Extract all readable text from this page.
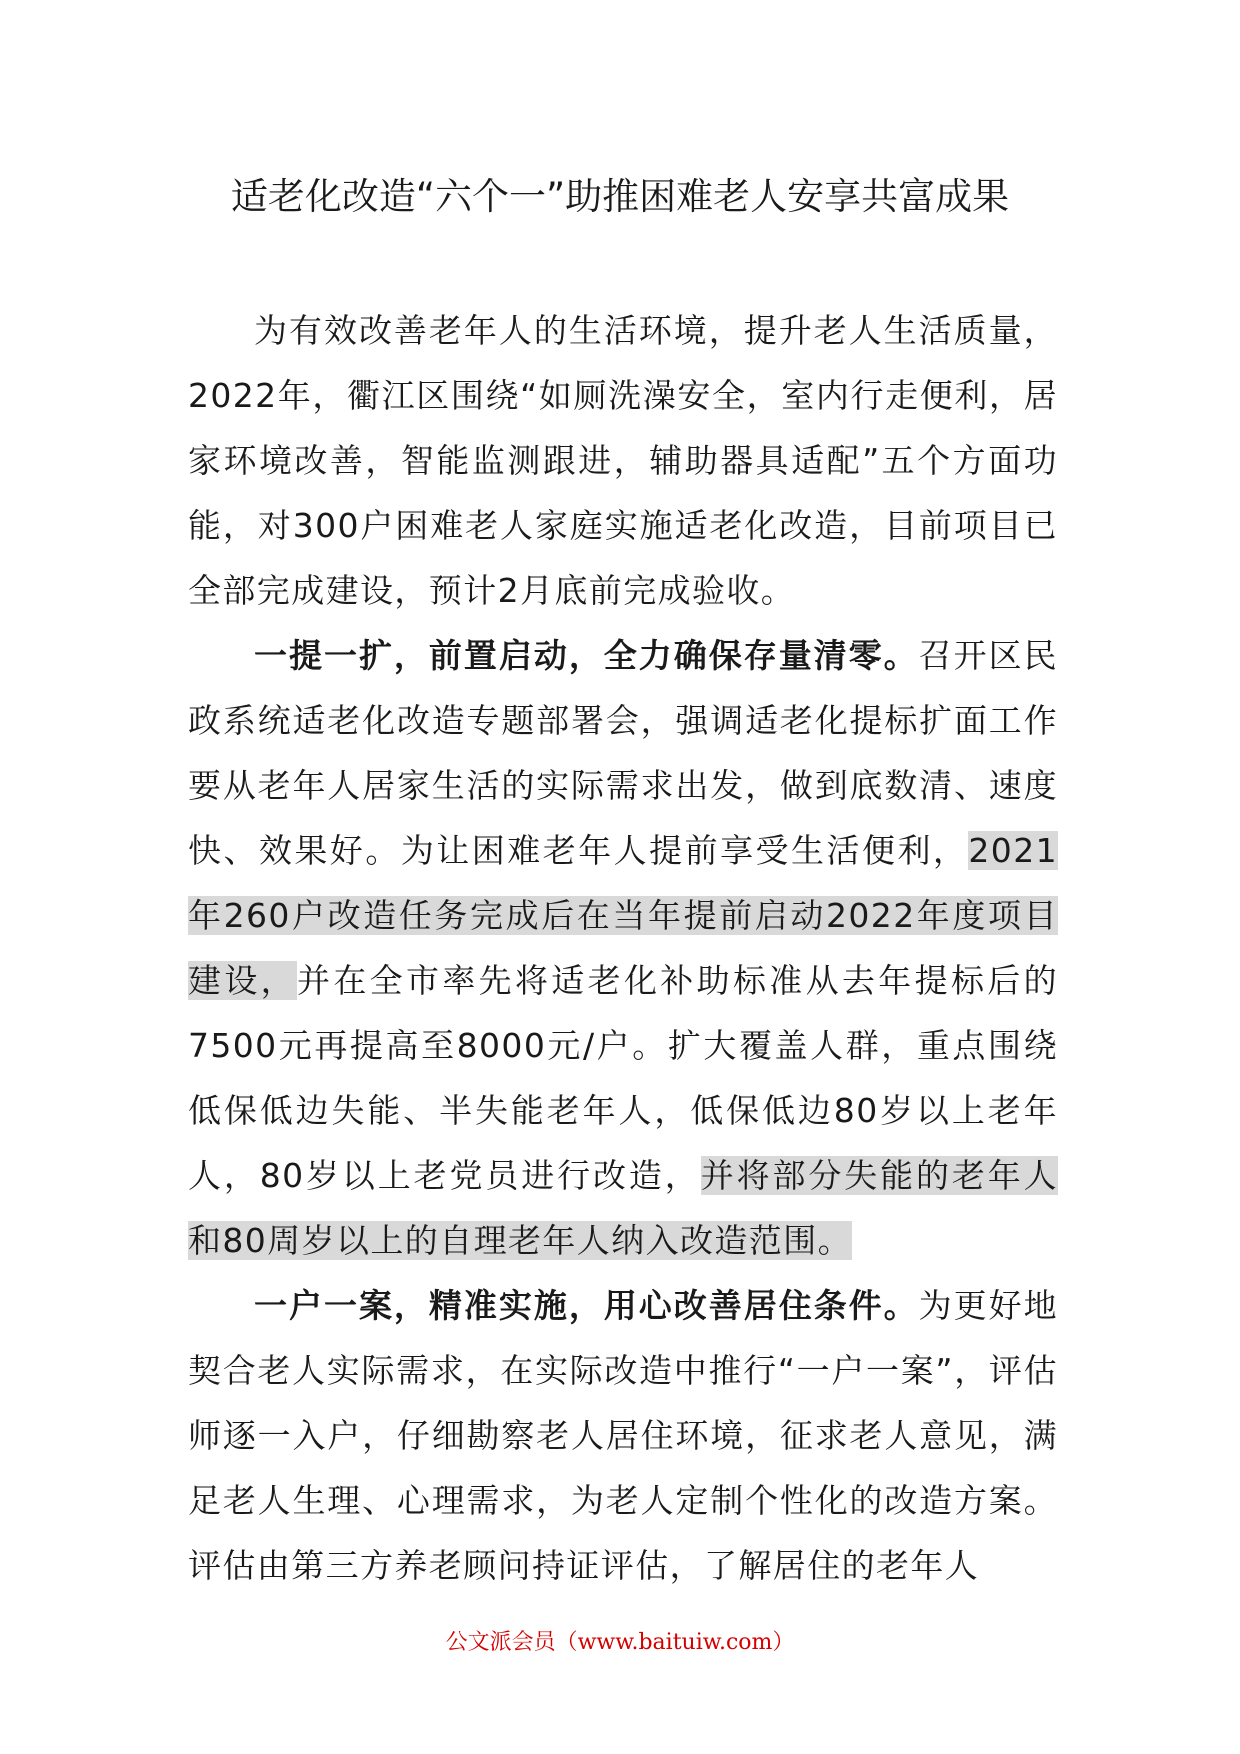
适老化改造“六个一”助推困难老人安享共富成果

为有效改善老年人的生活环境，提升老人生活质量，2022年，衢江区围绕“如厕洗澡安全，室内行走便利，居家环境改善，智能监测跟进，辅助器具适配”五个方面功能，对300户困难老人家庭实施适老化改造，目前项目已全部完成建设，预计2月底前完成验收。

一提一扩，前置启动，全力确保存量清零。召开区民政系统适老化改造专题部署会，强调适老化提标扩面工作要从老年人居家生活的实际需求出发，做到底数清、速度快、效果好。为让困难老年人提前享受生活便利，2021年260户改造任务完成后在当年提前启动2022年度项目建设，并在全市率先将适老化补助标准从去年提标后的7500元再提高至8000元/户。扩大覆盖人群，重点围绕低保低边失能、半失能老年人，低保低边80岁以上老年人，80岁以上老党员进行改造，并将部分失能的老年人和80周岁以上的自理老年人纳入改造范围。

一户一案，精准实施，用心改善居住条件。为更好地契合老人实际需求，在实际改造中推行“一户一案”，评估师逐一入户，仔细勘察老人居住环境，征求老人意见，满足老人生理、心理需求，为老人定制个性化的改造方案。评估由第三方养老顾问持证评估，了解居住的老年人

公文派会员（www.baituiw.com）
